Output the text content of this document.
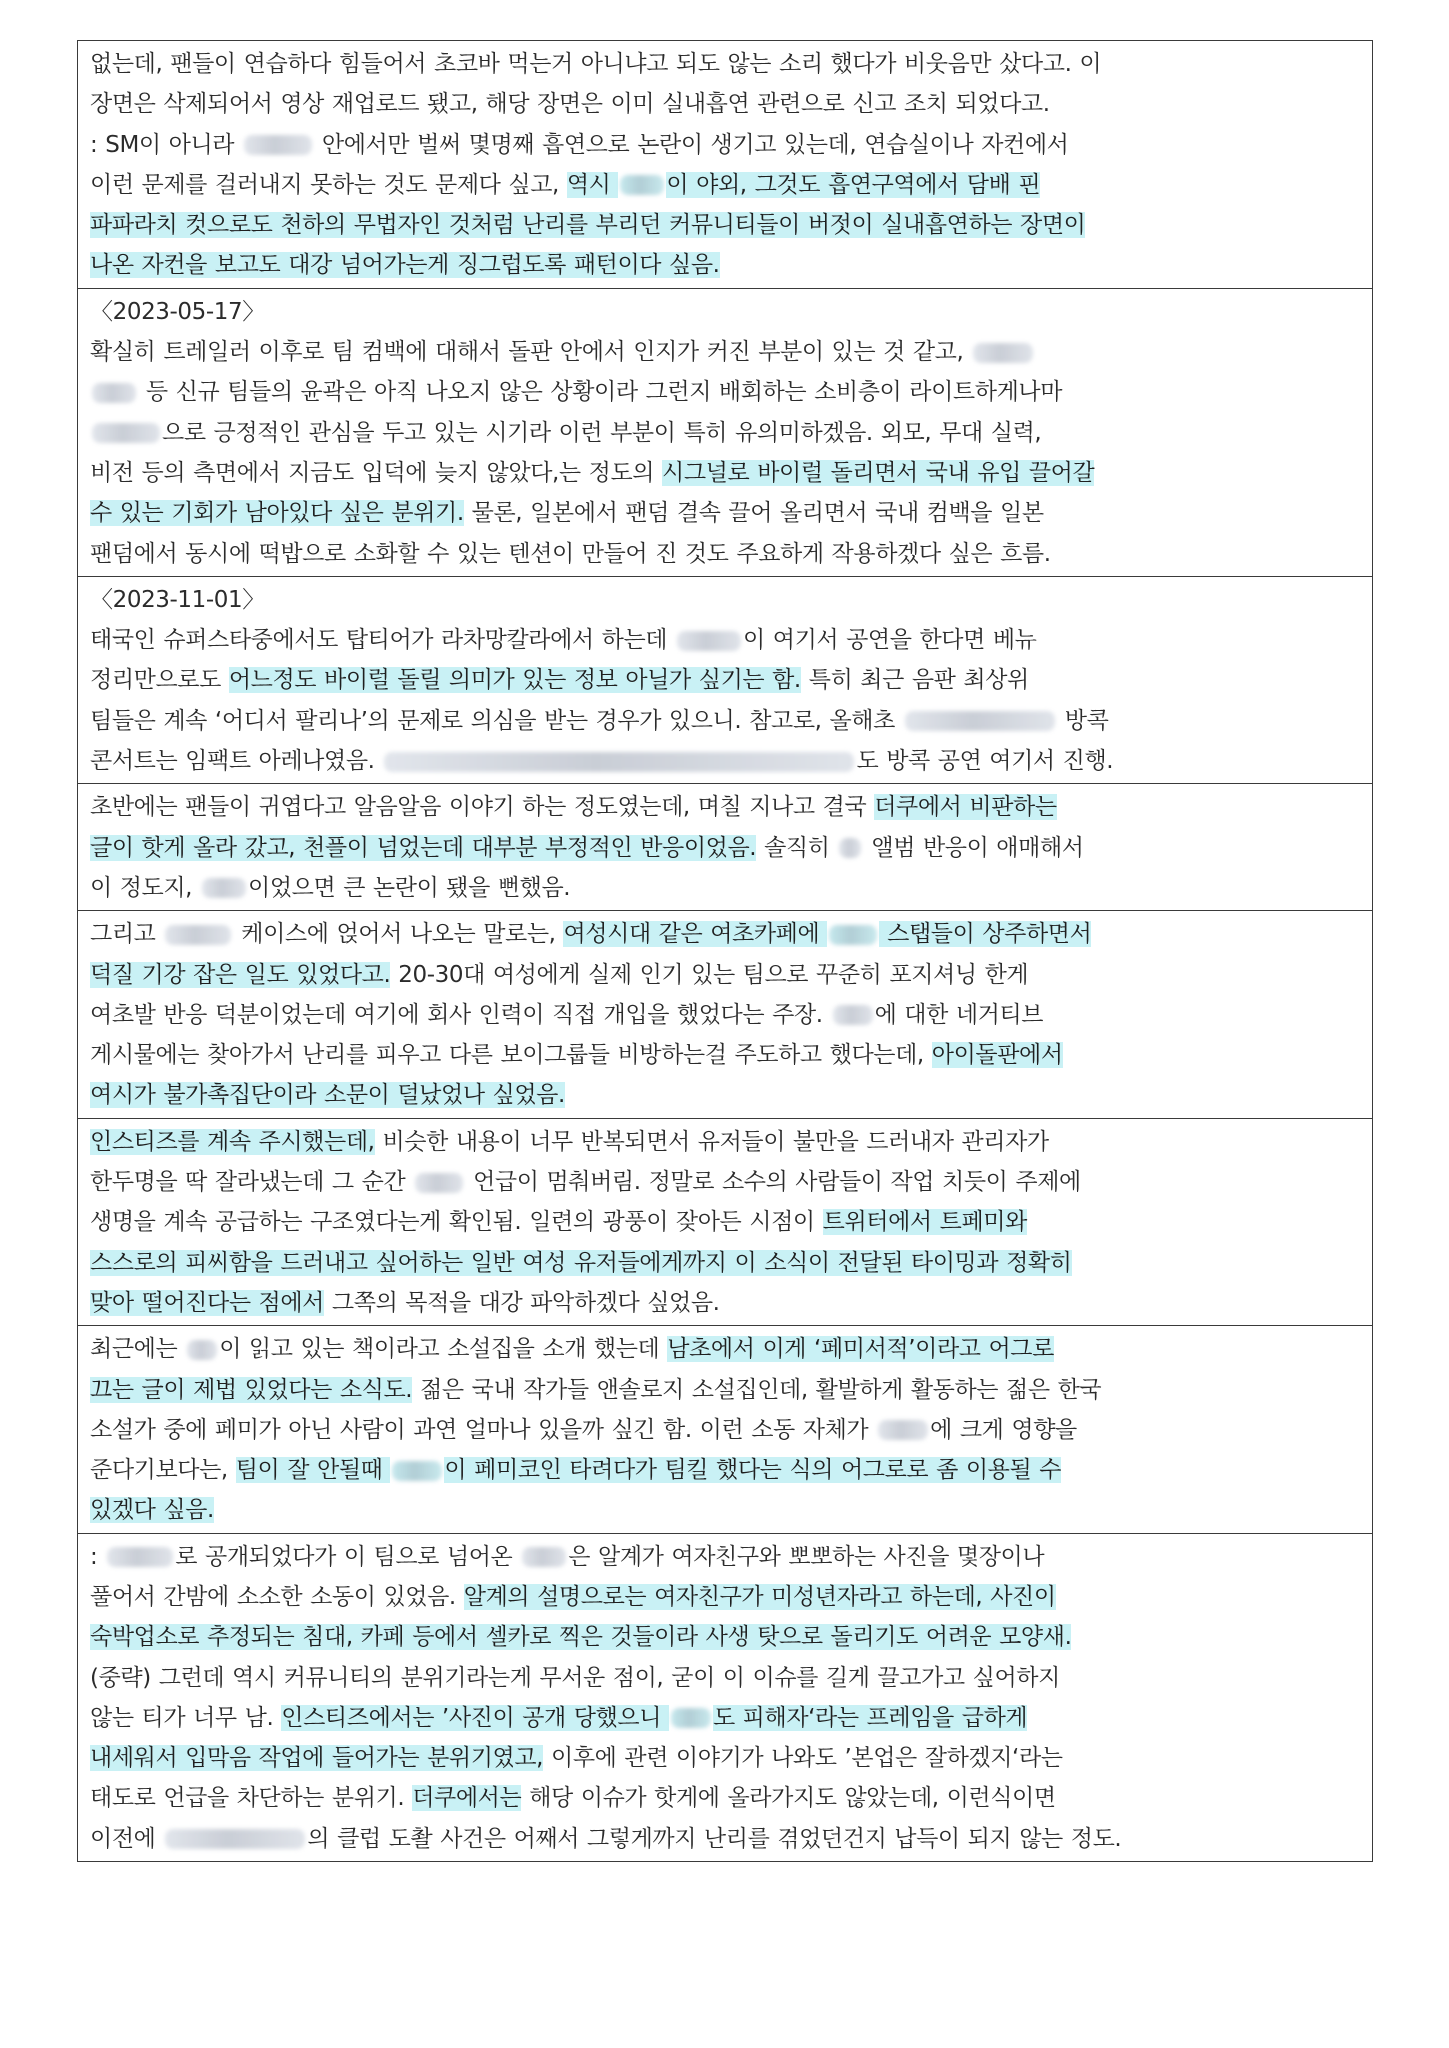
없는데, 팬들이 연습하다 힘들어서 초코바 먹는거 아니냐고 되도 않는 소리 했다가 비웃음만 샀다고. 이

장면은 삭제되어서 영상 재업로드 됐고, 해당 장면은 이미 실내흡연 관련으로 신고 조치 되었다고.

: SM이 아니라	안에서만 벌써 몇명째 흡연으로 논란이 생기고 있는데, 연습실이나 자컨에서

이런 문제를 걸러내지 못하는 것도 문제다 싶고, 역시 이 야외, 그것도 흡연구역에서 담배 핀

파파라치 컷으로도 천하의 무법자인 것처럼 난리를 부리던 커뮤니티들이 버젓이 실내흡연하는 장면이

나온 자컨을 보고도 대강 넘어가는게 징그럽도록 패턴이다 싶음.

〈2023-05-17〉

확실히 트레일러 이후로 팀 컴백에 대해서 돌판 안에서 인지가 커진 부분이 있는 것 같고,

등 신규 팀들의 윤곽은 아직 나오지 않은 상황이라 그런지 배회하는 소비층이 라이트하게나마

으로 긍정적인 관심을 두고 있는 시기라 이런 부분이 특히 유의미하겠음. 외모, 무대 실력,

비전 등의 측면에서 지금도 입덕에 늦지 않았다,는 정도의 시그널로 바이럴 돌리면서 국내 유입 끌어갈

수 있는 기회가 남아있다 싶은 분위기. 물론, 일본에서 팬덤 결속 끌어 올리면서 국내 컴백을 일본

팬덤에서 동시에 떡밥으로 소화할 수 있는 텐션이 만들어 진 것도 주요하게 작용하겠다 싶은 흐름.

〈2023-11-01〉

태국인 슈퍼스타중에서도 탑티어가 라차망칼라에서 하는데	이 여기서 공연을 한다면 베뉴

정리만으로도 어느정도 바이럴 돌릴 의미가 있는 정보 아닐가 싶기는 함. 특히 최근 음판 최상위

팀들은 계속 ‘어디서 팔리나’의 문제로 의심을 받는 경우가 있으니. 참고로, 올해초	방콕

콘서트는 임팩트 아레나였음.	도 방콕 공연 여기서 진행.

초반에는 팬들이 귀엽다고 알음알음 이야기 하는 정도였는데, 며칠 지나고 결국 더쿠에서 비판하는

글이 핫게 올라 갔고, 천플이 넘었는데 대부분 부정적인 반응이었음. 솔직히  앨범 반응이 애매해서

이 정도지, 이었으면 큰 논란이 됐을 뻔했음.

그리고	케이스에 얹어서 나오는 말로는, 여성시대 같은 여초카페에  스탭들이 상주하면서

덕질 기강 잡은 일도 있었다고. 20-30대 여성에게 실제 인기 있는 팀으로 꾸준히 포지셔닝 한게

여초발 반응 덕분이었는데 여기에 회사 인력이 직접 개입을 했었다는 주장. 에 대한 네거티브

게시물에는 찾아가서 난리를 피우고 다른 보이그룹들 비방하는걸 주도하고 했다는데, 아이돌판에서

여시가 불가촉집단이라 소문이 덜났었나 싶었음.

인스티즈를 계속 주시했는데, 비슷한 내용이 너무 반복되면서 유저들이 불만을 드러내자 관리자가

한두명을 딱 잘라냈는데 그 순간  언급이 멈춰버림. 정말로 소수의 사람들이 작업 치듯이 주제에

생명을 계속 공급하는 구조였다는게 확인됨. 일련의 광풍이 잦아든 시점이 트위터에서 트페미와

스스로의 피씨함을 드러내고 싶어하는 일반 여성 유저들에게까지 이 소식이 전달된 타이밍과 정확히

맞아 떨어진다는 점에서 그쪽의 목적을 대강 파악하겠다 싶었음.

최근에는 이 읽고 있는 책이라고 소설집을 소개 했는데 남초에서 이게 ‘페미서적’이라고 어그로

끄는 글이 제법 있었다는 소식도. 젊은 국내 작가들 앤솔로지 소설집인데, 활발하게 활동하는 젊은 한국

소설가 중에 페미가 아닌 사람이 과연 얼마나 있을까 싶긴 함. 이런 소동 자체가 에 크게 영향을

준다기보다는, 팀이 잘 안될때 이 페미코인 타려다가 팀킬 했다는 식의 어그로로 좀 이용될 수

있겠다 싶음.

:	로 공개되었다가 이 팀으로 넘어온 은 알계가 여자친구와 뽀뽀하는 사진을 몇장이나

풀어서 간밤에 소소한 소동이 있었음. 알계의 설명으로는 여자친구가 미성년자라고 하는데, 사진이

숙박업소로 추정되는 침대, 카페 등에서 셀카로 찍은 것들이라 사생 탓으로 돌리기도 어려운 모양새.

(중략) 그런데 역시 커뮤니티의 분위기라는게 무서운 점이, 굳이 이 이슈를 길게 끌고가고 싶어하지

않는 티가 너무 남. 인스티즈에서는 ’사진이 공개 당했으니 도 피해자‘라는 프레임을 급하게

내세워서 입막음 작업에 들어가는 분위기였고, 이후에 관련 이야기가 나와도 ’본업은 잘하겠지‘라는

태도로 언급을 차단하는 분위기. 더쿠에서는 해당 이슈가 핫게에 올라가지도 않았는데, 이런식이면

이전에	의 클럽 도촬 사건은 어째서 그렇게까지 난리를 겪었던건지 납득이 되지 않는 정도.
